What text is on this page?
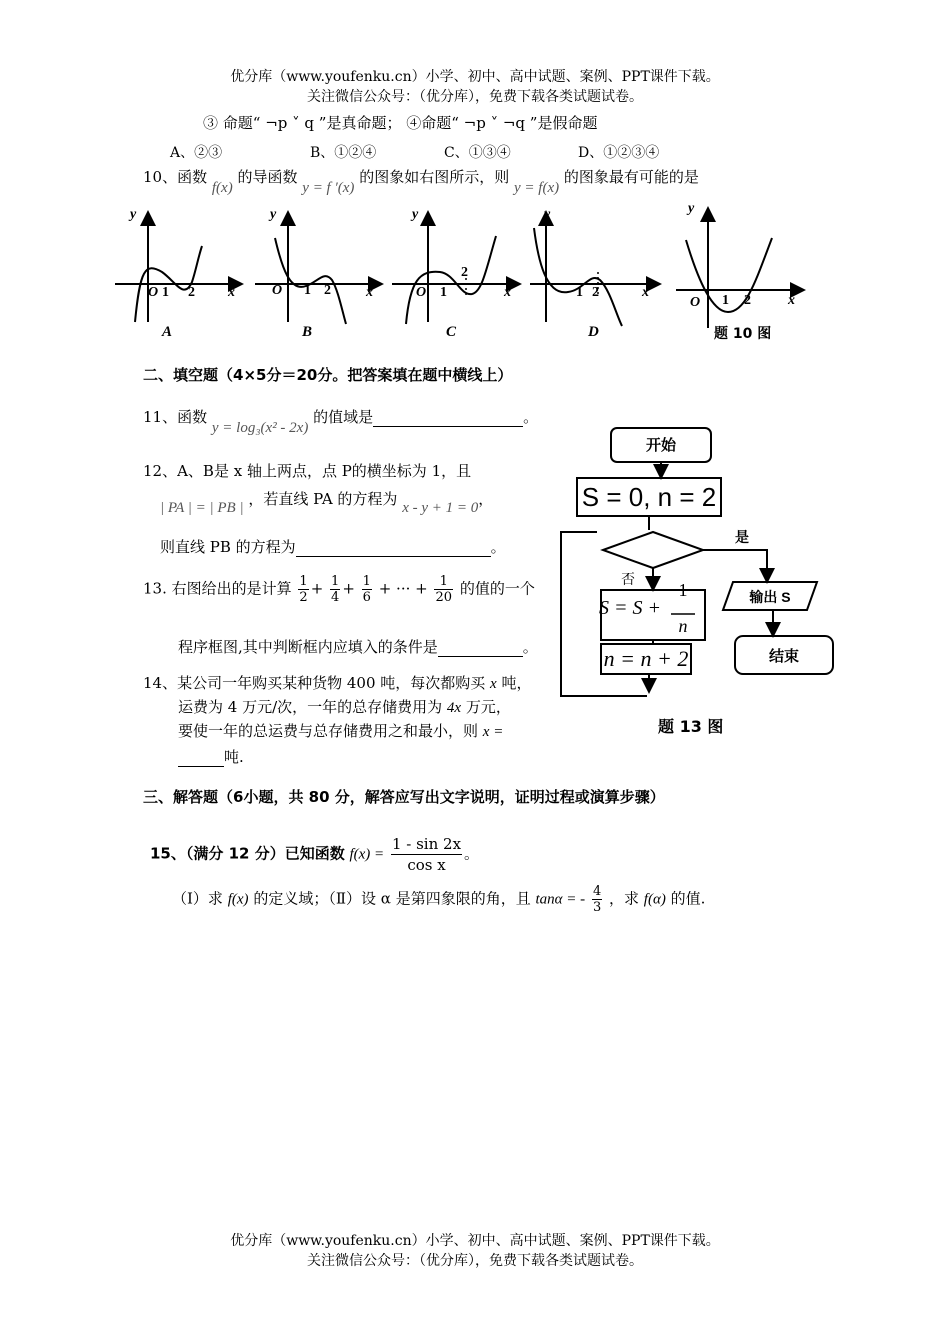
优分库（www.youfenku.cn）小学、初中、高中试题、案例、PPT课件下载。
关注微信公众号：（优分库），免费下载各类试题试卷。
③ 命题“ ¬p ˅ q ”是真命题； ④命题“ ¬p ˅ ¬q ”是假命题
A、②③	B、①②④	C、①③④	D、①②③④
10、函数 f(x) 的导函数 y = f ′(x) 的图象如右图所示，则 y = f(x) 的图象最有可能的是
y
x
O
y
x
O
y
x
O
y
x
y
x
O
1 2	1 2	1
2
1 2
1 2
A	B	C	D	题 10 图
二、填空题（4×5分＝20分。把答案填在题中横线上）
11、函数 y = log₃(x² - 2x) 的值域是	。
12、A、B是 x 轴上两点，点 P的横坐标为 1，且
| PA | = | PB | ，若直线 PA 的方程为 x - y + 1 = 0，
则直线 PB 的方程为	。
13. 右图给出的是计算 $\frac{1}{2} + \frac{1}{4} + \frac{1}{6}$ + ··· + $\frac{1}{20}$ 的值的一个
程序框图,其中判断框内应填入的条件是	。
14、某公司一年购买某种货物 400 吨，每次都购买 x 吨，
运费为 4 万元/次，一年的总存储费用为 4x 万元，
要使一年的总运费与总存储费用之和最小，则 x =
吨.
开始
S = 0, n = 2
是
否
S = S +
1
n
n = n + 2
输出 S
结束
题 13 图
三、解答题（6小题，共 80 分，解答应写出文字说明，证明过程或演算步骤）
15、（满分 12 分）已知函数 $f(x) = \frac{1 - \sin 2x}{\text{cos x}}$ 。
（Ⅰ）求 f(x) 的定义域；（Ⅱ）设 α 是第四象限的角，且 tanα = - $\frac{4}{3}$ ，求 f(α) 的值.
优分库（www.youfenku.cn）小学、初中、高中试题、案例、PPT课件下载。
关注微信公众号：（优分库），免费下载各类试题试卷。
